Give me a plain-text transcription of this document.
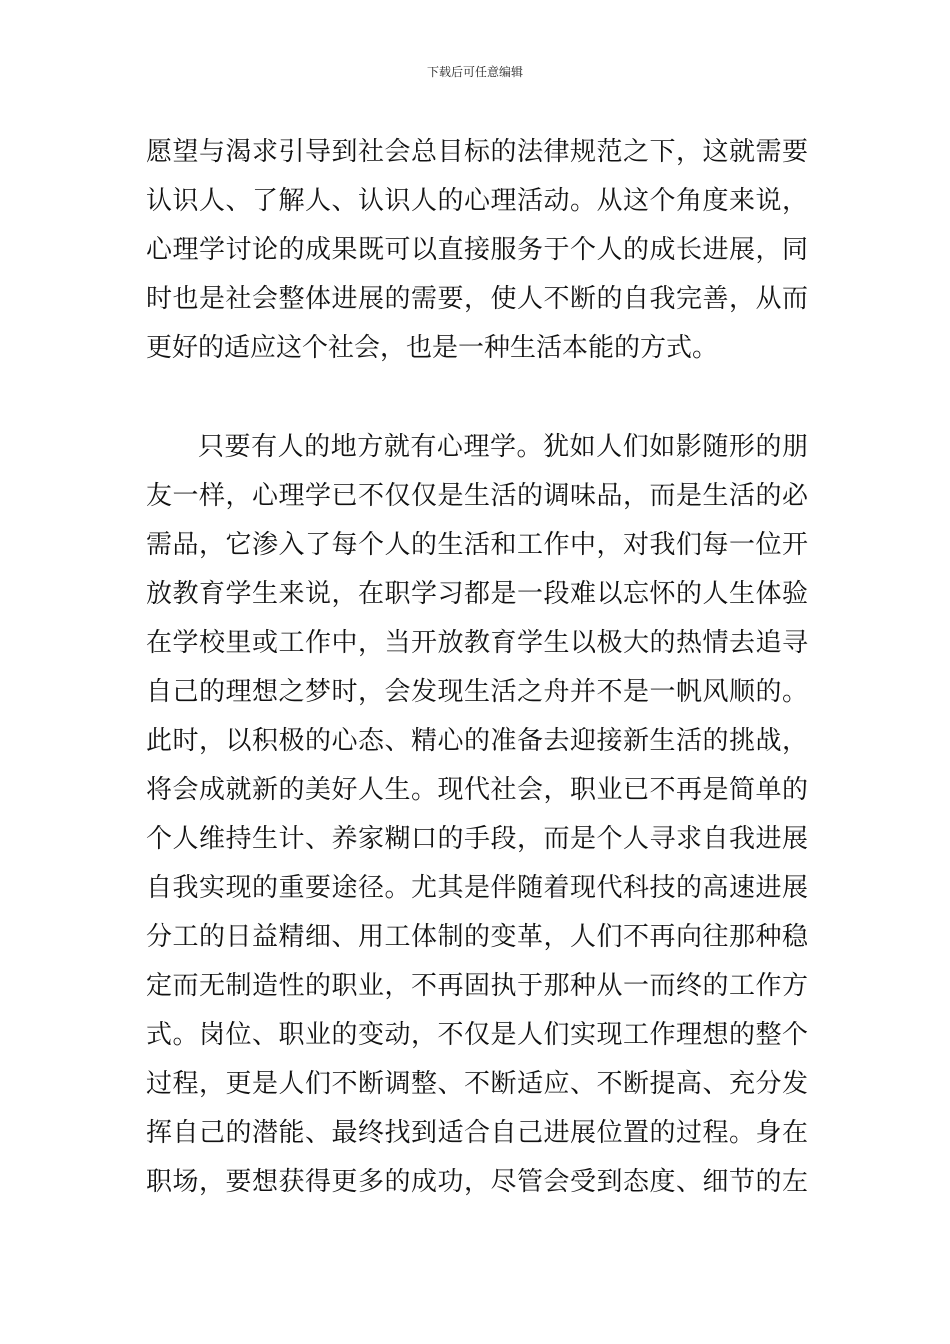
下载后可任意编辑
愿望与渴求引导到社会总目标的法律规范之下，这就需要
认识人、了解人、认识人的心理活动。从这个角度来说，
心理学讨论的成果既可以直接服务于个人的成长进展，同
时也是社会整体进展的需要，使人不断的自我完善，从而
更好的适应这个社会，也是一种生活本能的方式。
只要有人的地方就有心理学。犹如人们如影随形的朋
友一样，心理学已不仅仅是生活的调味品，而是生活的必
需品，它渗入了每个人的生活和工作中，对我们每一位开
放教育学生来说，在职学习都是一段难以忘怀的人生体验
在学校里或工作中，当开放教育学生以极大的热情去追寻
自己的理想之梦时，会发现生活之舟并不是一帆风顺的。
此时，以积极的心态、精心的准备去迎接新生活的挑战，
将会成就新的美好人生。现代社会，职业已不再是简单的
个人维持生计、养家糊口的手段，而是个人寻求自我进展
自我实现的重要途径。尤其是伴随着现代科技的高速进展
分工的日益精细、用工体制的变革，人们不再向往那种稳
定而无制造性的职业，不再固执于那种从一而终的工作方
式。岗位、职业的变动，不仅是人们实现工作理想的整个
过程，更是人们不断调整、不断适应、不断提高、充分发
挥自己的潜能、最终找到适合自己进展位置的过程。身在
职场，要想获得更多的成功，尽管会受到态度、细节的左
